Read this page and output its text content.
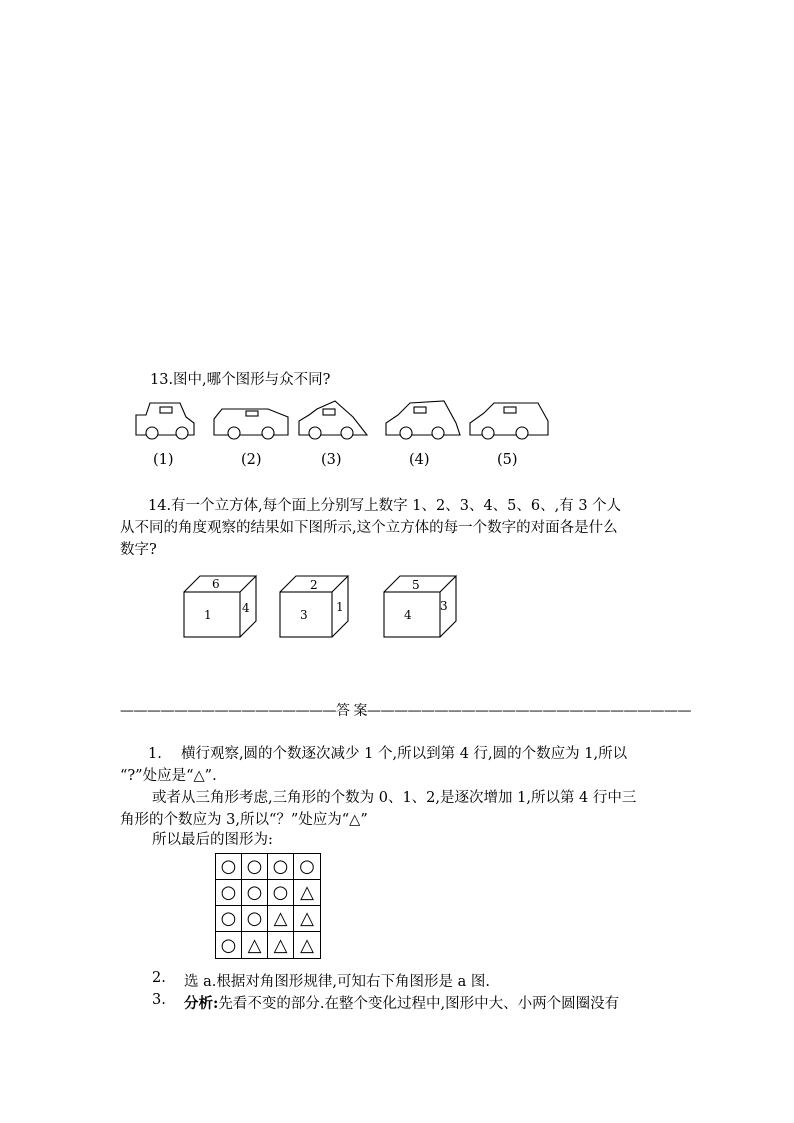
13.图中,哪个图形与众不同?
(1)	(2)	(3)	(4)	(5)
14.有一个立方体,每个面上分别写上数字 1、2、3、4、5、6、,有 3 个人
从不同的角度观察的结果如下图所示,这个立方体的每一个数字的对面各是什么
数字?
6
1	4
2
3
1
5
4
3
————————————————答 案————————————————————————
1.　 横行观察,圆的个数逐次减少 1 个,所以到第 4 行,圆的个数应为 1,所以
“?”处应是“△”.
或者从三角形考虑,三角形的个数为 0、1、2,是逐次增加 1,所以第 4 行中三
角形的个数应为 3,所以“？”处应为“△”
所以最后的图形为:
○ ○ ○ ○
○ ○ ○ △
○ ○ △ △
○ △ △ △
2. 选 a.根据对角图形规律,可知右下角图形是 a 图.
3. 分析:先看不变的部分.在整个变化过程中,图形中大、小两个圆圈没有
